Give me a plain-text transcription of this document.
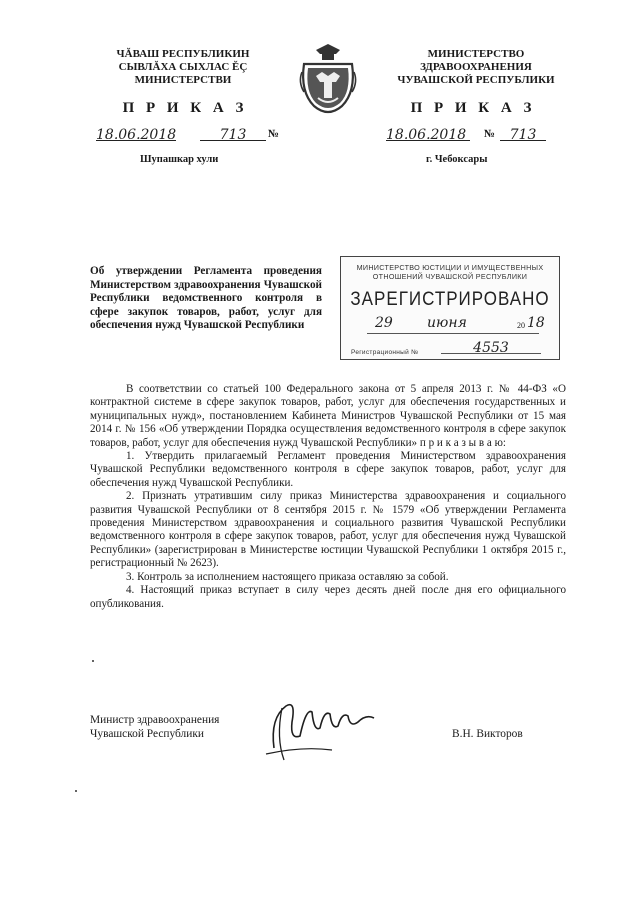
ЧĂВАШ РЕСПУБЛИКИН
СЫВЛĂХА СЫХЛАС ĔÇ
МИНИСТЕРСТВИ
МИНИСТЕРСТВО
ЗДРАВООХРАНЕНИЯ
ЧУВАШСКОЙ РЕСПУБЛИКИ
П Р И К А З	П Р И К А З
18.06.2018	713	№	18.06.2018	№	713
Шупашкар хули	г. Чебоксары
Об утверждении Регламента проведения Министерством здравоохранения Чувашской Республики ведомственного контроля в сфере закупок товаров, работ, услуг для обеспечения нужд Чувашской Республики
МИНИСТЕРСТВО ЮСТИЦИИ И ИМУЩЕСТВЕННЫХ
ОТНОШЕНИЙ ЧУВАШСКОЙ РЕСПУБЛИКИ
ЗАРЕГИСТРИРОВАНО
29 июня	20 18
Регистрационный №	4553

В соответствии со статьей 100 Федерального закона от 5 апреля 2013 г. № 44-ФЗ «О контрактной системе в сфере закупок товаров, работ, услуг для обеспечения государственных и муниципальных нужд», постановлением Кабинета Министров Чувашской Республики от 15 мая 2014 г. № 156 «Об утверждении Порядка осуществления ведомственного контроля в сфере закупок товаров, работ, услуг для обеспечения нужд Чувашской Республики» п р и к а з ы в а ю:

1. Утвердить прилагаемый Регламент проведения Министерством здравоохранения Чувашской Республики ведомственного контроля в сфере закупок товаров, работ, услуг для обеспечения нужд Чувашской Республики.

2. Признать утратившим силу приказ Министерства здравоохранения и социального развития Чувашской Республики от 8 сентября 2015 г. № 1579 «Об утверждении Регламента проведения Министерством здравоохранения и социального развития Чувашской Республики ведомственного контроля в сфере закупок товаров, работ, услуг для обеспечения нужд Чувашской Республики» (зарегистрирован в Министерстве юстиции Чувашской Республики 1 октября 2015 г., регистрационный № 2623).

3. Контроль за исполнением настоящего приказа оставляю за собой.

4. Настоящий приказ вступает в силу через десять дней после дня его официального опубликования.

Министр здравоохранения
Чувашской Республики	В.Н. Викторов
